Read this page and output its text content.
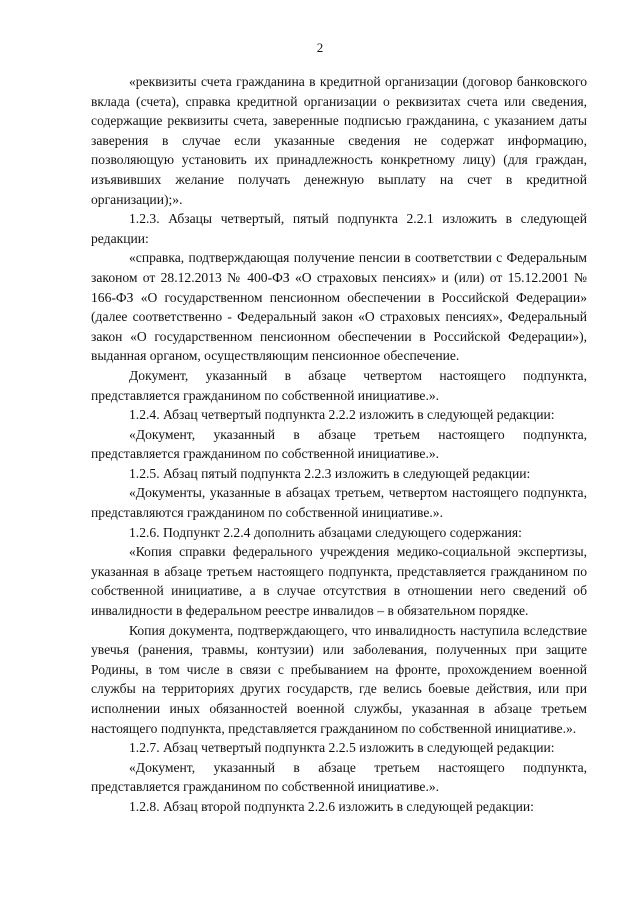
2

«реквизиты счета гражданина в кредитной организации (договор банковского вклада (счета), справка кредитной организации о реквизитах счета или сведения, содержащие реквизиты счета, заверенные подписью гражданина, с указанием даты заверения в случае если указанные сведения не содержат информацию, позволяющую установить их принадлежность конкретному лицу) (для граждан, изъявивших желание получать денежную выплату на счет в кредитной организации);».

1.2.3. Абзацы четвертый, пятый подпункта 2.2.1 изложить в следующей редакции:

«справка, подтверждающая получение пенсии в соответствии с Федеральным законом от 28.12.2013 № 400-ФЗ «О страховых пенсиях» и (или) от 15.12.2001 № 166-ФЗ «О государственном пенсионном обеспечении в Российской Федерации» (далее соответственно - Федеральный закон «О страховых пенсиях», Федеральный закон «О государственном пенсионном обеспечении в Российской Федерации»), выданная органом, осуществляющим пенсионное обеспечение.

Документ, указанный в абзаце четвертом настоящего подпункта, представляется гражданином по собственной инициативе.».

1.2.4. Абзац четвертый подпункта 2.2.2 изложить в следующей редакции:

«Документ, указанный в абзаце третьем настоящего подпункта, представляется гражданином по собственной инициативе.».

1.2.5. Абзац пятый подпункта 2.2.3 изложить в следующей редакции:

«Документы, указанные в абзацах третьем, четвертом настоящего подпункта, представляются гражданином по собственной инициативе.».

1.2.6. Подпункт 2.2.4 дополнить абзацами следующего содержания:

«Копия справки федерального учреждения медико-социальной экспертизы, указанная в абзаце третьем настоящего подпункта, представляется гражданином по собственной инициативе, а в случае отсутствия в отношении него сведений об инвалидности в федеральном реестре инвалидов – в обязательном порядке.

Копия документа, подтверждающего, что инвалидность наступила вследствие увечья (ранения, травмы, контузии) или заболевания, полученных при защите Родины, в том числе в связи с пребыванием на фронте, прохождением военной службы на территориях других государств, где велись боевые действия, или при исполнении иных обязанностей военной службы, указанная в абзаце третьем настоящего подпункта, представляется гражданином по собственной инициативе.».

1.2.7. Абзац четвертый подпункта 2.2.5 изложить в следующей редакции:

«Документ, указанный в абзаце третьем настоящего подпункта, представляется гражданином по собственной инициативе.».

1.2.8. Абзац второй подпункта 2.2.6 изложить в следующей редакции:
